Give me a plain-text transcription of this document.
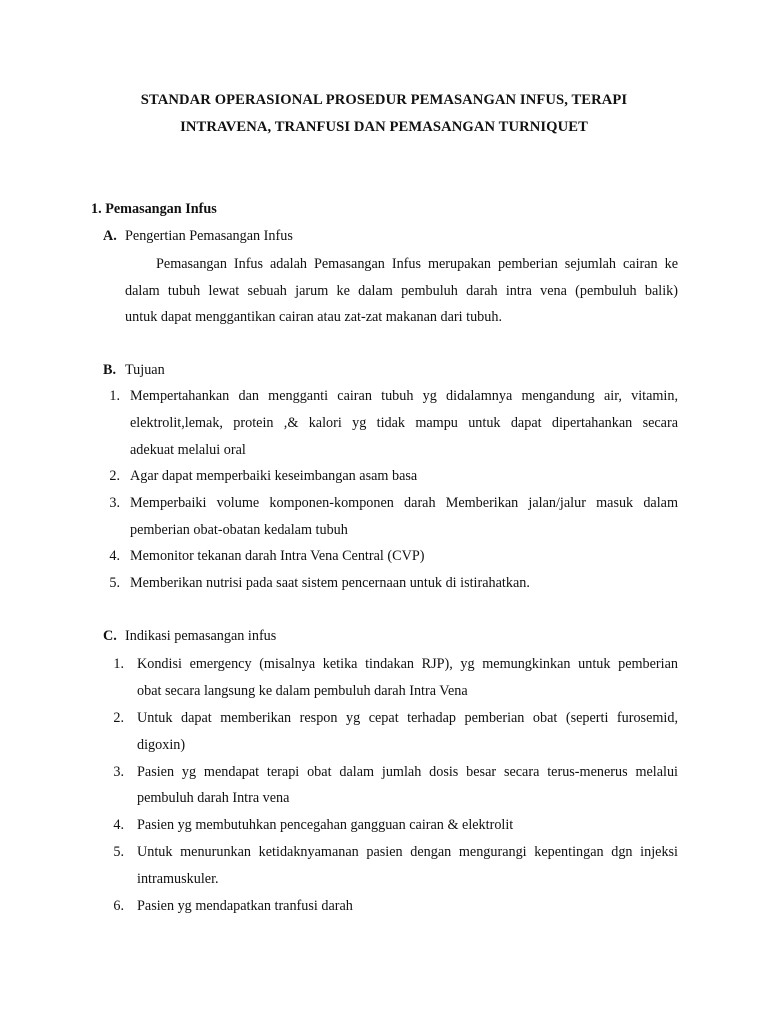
STANDAR OPERASIONAL PROSEDUR PEMASANGAN INFUS, TERAPI
INTRAVENA, TRANFUSI DAN PEMASANGAN TURNIQUET
1. Pemasangan Infus
A. Pengertian Pemasangan Infus
Pemasangan Infus adalah Pemasangan Infus merupakan pemberian sejumlah cairan ke
dalam tubuh lewat sebuah jarum ke dalam pembuluh darah intra vena (pembuluh balik)
untuk dapat menggantikan cairan atau zat-zat makanan dari tubuh.
B. Tujuan
1. Mempertahankan dan mengganti cairan tubuh yg didalamnya mengandung air, vitamin,
elektrolit,lemak, protein ,& kalori yg tidak mampu untuk dapat dipertahankan secara
adekuat melalui oral
2. Agar dapat memperbaiki keseimbangan asam basa
3. Memperbaiki volume komponen-komponen darah Memberikan jalan/jalur masuk dalam
pemberian obat-obatan kedalam tubuh
4. Memonitor tekanan darah Intra Vena Central (CVP)
5. Memberikan nutrisi pada saat sistem pencernaan untuk di istirahatkan.
C. Indikasi pemasangan infus
1. Kondisi emergency (misalnya ketika tindakan RJP), yg memungkinkan untuk pemberian
obat secara langsung ke dalam pembuluh darah Intra Vena
2. Untuk dapat memberikan respon yg cepat terhadap pemberian obat (seperti furosemid,
digoxin)
3. Pasien yg mendapat terapi obat dalam jumlah dosis besar secara terus-menerus melalui
pembuluh darah Intra vena
4. Pasien yg membutuhkan pencegahan gangguan cairan & elektrolit
5. Untuk menurunkan ketidaknyamanan pasien dengan mengurangi kepentingan dgn injeksi
intramuskuler.
6. Pasien yg mendapatkan tranfusi darah
